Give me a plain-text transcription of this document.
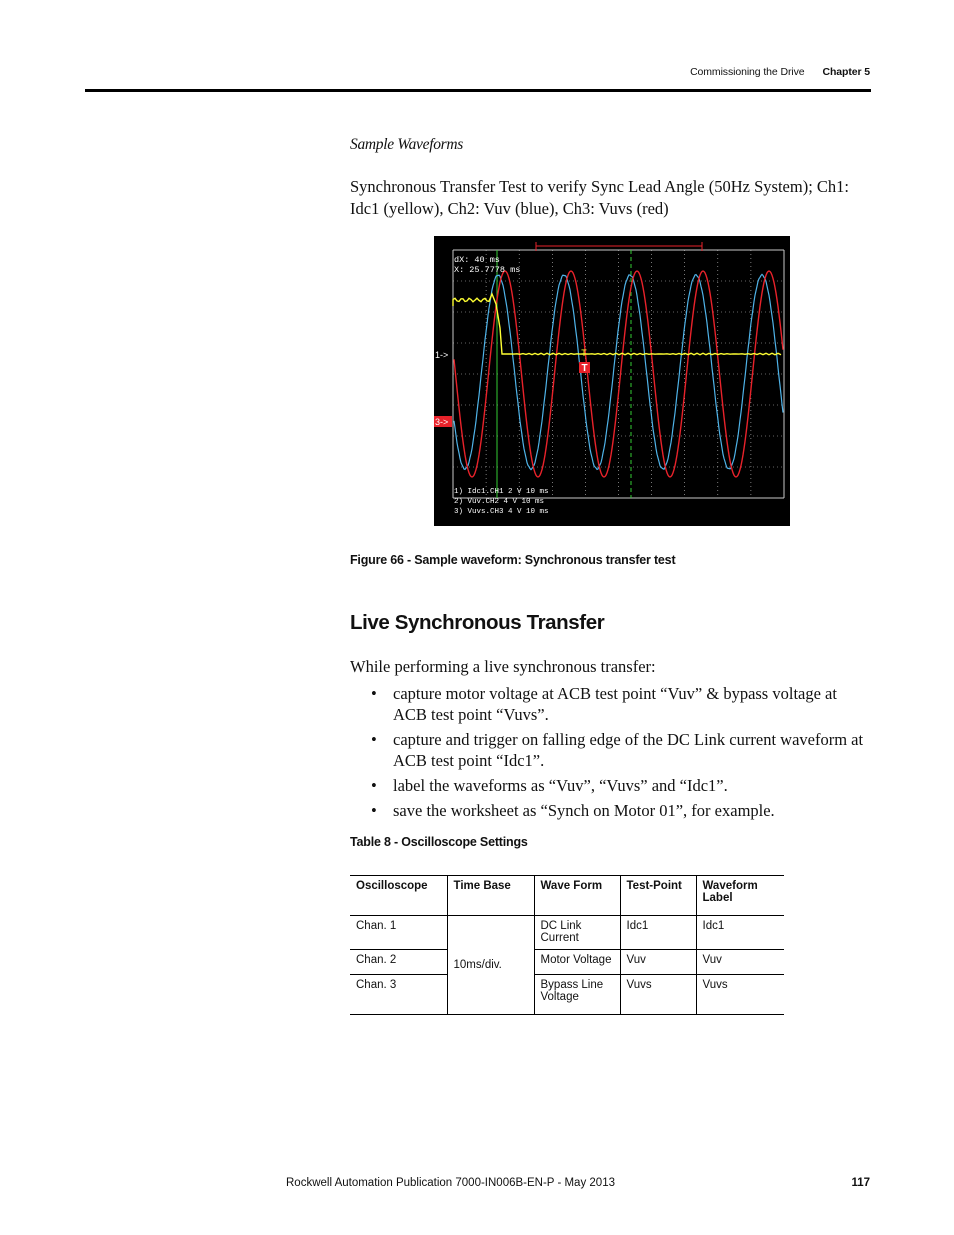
Commissioning the Drive Chapter 5
Sample Waveforms
Synchronous Transfer Test to verify Sync Lead Angle (50Hz System); Ch1: Idc1 (yellow), Ch2: Vuv (blue), Ch3: Vuvs (red)
T
T
1->
3->
dX: 40 ms
X: 25.7778 ms
1) Idc1.CH1 2 V 10 ms
2) Vuv.CH2 4 V 10 ms
3) Vuvs.CH3 4 V 10 ms
Figure 66 - Sample waveform: Synchronous transfer test
Live Synchronous Transfer
While performing a live synchronous transfer:
• capture motor voltage at ACB test point “Vuv” & bypass voltage at ACB test point “Vuvs”.
• capture and trigger on falling edge of the DC Link current waveform at ACB test point “Idc1”.
• label the waveforms as “Vuv”, “Vuvs” and “Idc1”.
• save the worksheet as “Synch on Motor 01”, for example.
Table 8 - Oscilloscope Settings
Oscilloscope	Time Base	Wave Form	Test-Point	Waveform Label
Chan. 1	10ms/div.	DC Link Current	Idc1	Idc1
Chan. 2		Motor Voltage	Vuv	Vuv
Chan. 3		Bypass Line Voltage	Vuvs	Vuvs
Rockwell Automation Publication 7000-IN006B-EN-P - May 2013	117
